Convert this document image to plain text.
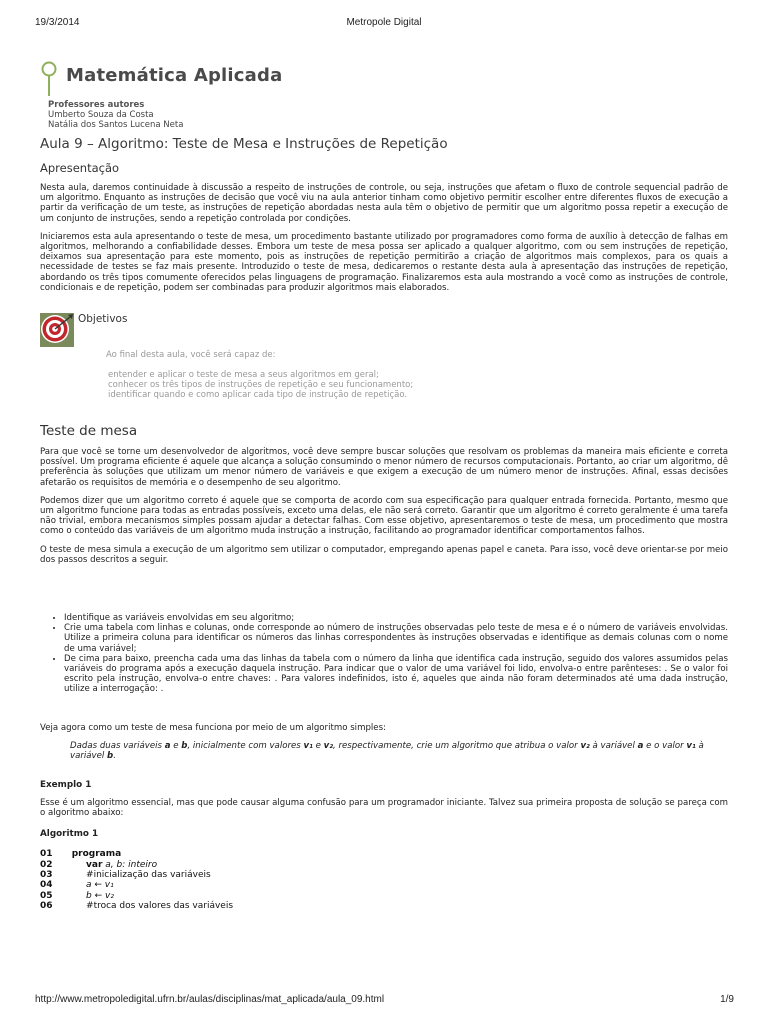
19/3/2014	Metropole Digital
Matemática Aplicada
Professores autores
Umberto Souza da Costa
Natália dos Santos Lucena Neta
Aula 9 – Algoritmo: Teste de Mesa e Instruções de Repetição
Apresentação

Nesta aula, daremos continuidade à discussão a respeito de instruções de controle, ou seja, instruções que afetam o fluxo de controle sequencial padrão de um algoritmo. Enquanto as instruções de decisão que você viu na aula anterior tinham como objetivo permitir escolher entre diferentes fluxos de execução a partir da verificação de um teste, as instruções de repetição abordadas nesta aula têm o objetivo de permitir que um algoritmo possa repetir a execução de um conjunto de instruções, sendo a repetição controlada por condições.

Iniciaremos esta aula apresentando o teste de mesa, um procedimento bastante utilizado por programadores como forma de auxílio à detecção de falhas em algoritmos, melhorando a confiabilidade desses. Embora um teste de mesa possa ser aplicado a qualquer algoritmo, com ou sem instruções de repetição, deixamos sua apresentação para este momento, pois as instruções de repetição permitirão a criação de algoritmos mais complexos, para os quais a necessidade de testes se faz mais presente. Introduzido o teste de mesa, dedicaremos o restante desta aula à apresentação das instruções de repetição, abordando os três tipos comumente oferecidos pelas linguagens de programação. Finalizaremos esta aula mostrando a você como as instruções de controle, condicionais e de repetição, podem ser combinadas para produzir algoritmos mais elaborados.

Objetivos
Ao final desta aula, você será capaz de:
entender e aplicar o teste de mesa a seus algoritmos em geral;
conhecer os três tipos de instruções de repetição e seu funcionamento;
identificar quando e como aplicar cada tipo de instrução de repetição.
Teste de mesa

Para que você se torne um desenvolvedor de algoritmos, você deve sempre buscar soluções que resolvam os problemas da maneira mais eficiente e correta possível. Um programa eficiente é aquele que alcança a solução consumindo o menor número de recursos computacionais. Portanto, ao criar um algoritmo, dê preferência às soluções que utilizam um menor número de variáveis e que exigem a execução de um número menor de instruções. Afinal, essas decisões afetarão os requisitos de memória e o desempenho de seu algoritmo.

Podemos dizer que um algoritmo correto é aquele que se comporta de acordo com sua especificação para qualquer entrada fornecida. Portanto, mesmo que um algoritmo funcione para todas as entradas possíveis, exceto uma delas, ele não será correto. Garantir que um algoritmo é correto geralmente é uma tarefa não trivial, embora mecanismos simples possam ajudar a detectar falhas. Com esse objetivo, apresentaremos o teste de mesa, um procedimento que mostra como o conteúdo das variáveis de um algoritmo muda instrução a instrução, facilitando ao programador identificar comportamentos falhos.

O teste de mesa simula a execução de um algoritmo sem utilizar o computador, empregando apenas papel e caneta. Para isso, você deve orientar-se por meio dos passos descritos a seguir.

• Identifique as variáveis envolvidas em seu algoritmo;
• Crie uma tabela com linhas e colunas, onde corresponde ao número de instruções observadas pelo teste de mesa e é o número de variáveis envolvidas. Utilize a primeira coluna para identificar os números das linhas correspondentes às instruções observadas e identifique as demais colunas com o nome de uma variável;
• De cima para baixo, preencha cada uma das linhas da tabela com o número da linha que identifica cada instrução, seguido dos valores assumidos pelas variáveis do programa após a execução daquela instrução. Para indicar que o valor de uma variável foi lido, envolva-o entre parênteses: . Se o valor foi escrito pela instrução, envolva-o entre chaves: . Para valores indefinidos, isto é, aqueles que ainda não foram determinados até uma dada instrução, utilize a interrogação: .

Veja agora como um teste de mesa funciona por meio de um algoritmo simples:

Dadas duas variáveis a e b, inicialmente com valores v₁ e v₂, respectivamente, crie um algoritmo que atribua o valor v₂ à variável a e o valor v₁ à variável b.

Exemplo 1

Esse é um algoritmo essencial, mas que pode causar alguma confusão para um programador iniciante. Talvez sua primeira proposta de solução se pareça com o algoritmo abaixo:

Algoritmo 1
01 programa
02	var a, b: inteiro
03	#inicialização das variáveis
04	a ← v₁
05	b ← v₂
06	#troca dos valores das variáveis
http://www.metropoledigital.ufrn.br/aulas/disciplinas/mat_aplicada/aula_09.html	1/9
